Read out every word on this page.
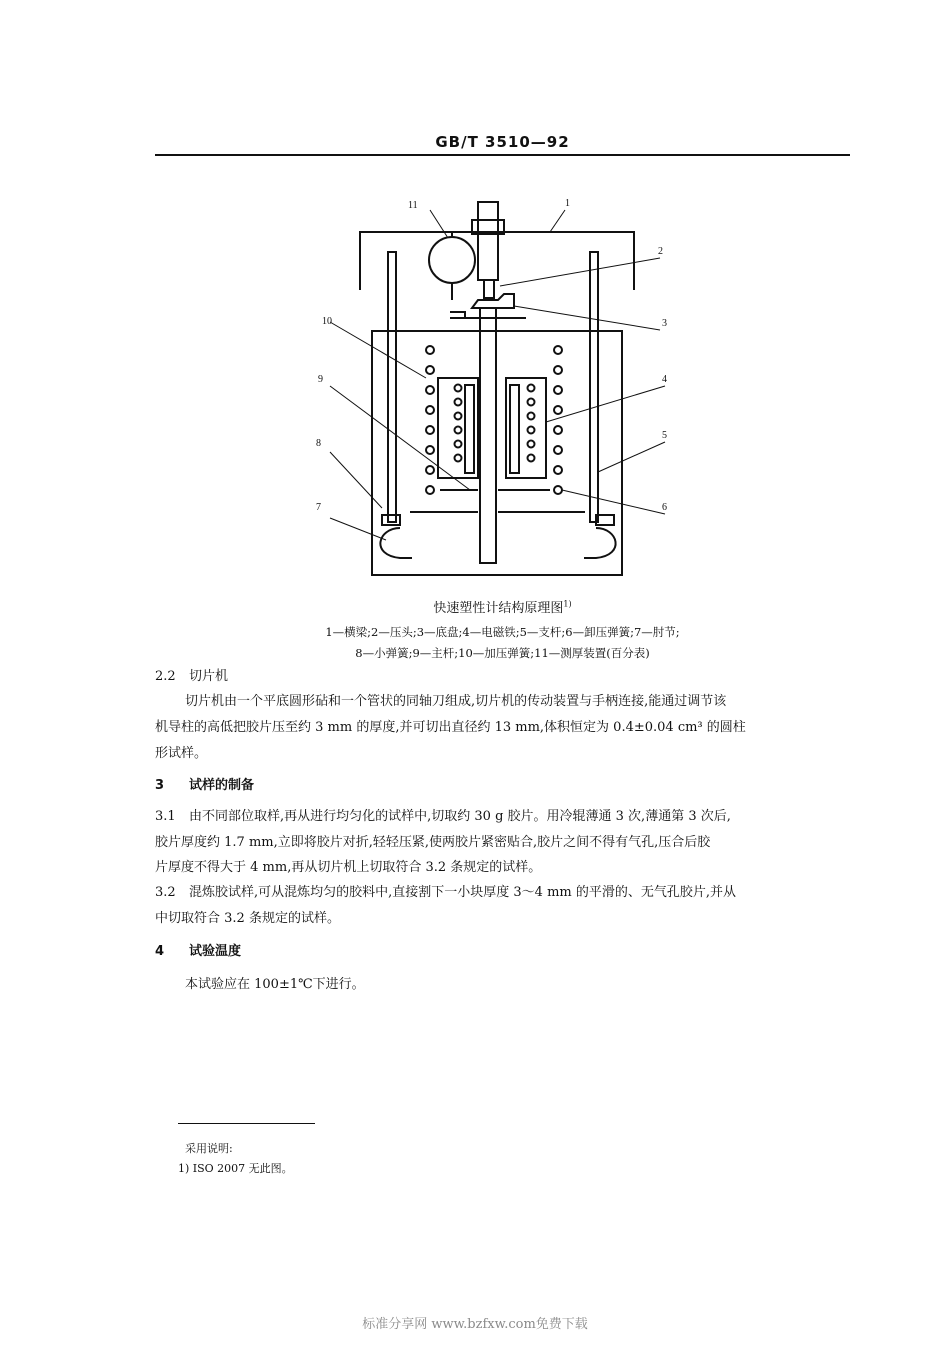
GB/T 3510—92
1
2
3
4
5
6
7
8
9
10
11
快速塑性计结构原理图$^{1)}$
1—横梁;2—压头;3—底盘;4—电磁铁;5—支杆;6—卸压弹簧;7—肘节;
8—小弹簧;9—主杆;10—加压弹簧;11—测厚装置(百分表)
2.2 切片机
切片机由一个平底圆形砧和一个管状的同轴刀组成,切片机的传动装置与手柄连接,能通过调节该
机导柱的高低把胶片压至约 3 mm 的厚度,并可切出直径约 13 mm,体积恒定为 0.4±0.04 cm³ 的圆柱
形试样。
3 试样的制备
3.1 由不同部位取样,再从进行均匀化的试样中,切取约 30 g 胶片。用冷辊薄通 3 次,薄通第 3 次后,
胶片厚度约 1.7 mm,立即将胶片对折,轻轻压紧,使两胶片紧密贴合,胶片之间不得有气孔,压合后胶
片厚度不得大于 4 mm,再从切片机上切取符合 3.2 条规定的试样。
3.2 混炼胶试样,可从混炼均匀的胶料中,直接割下一小块厚度 3～4 mm 的平滑的、无气孔胶片,并从
中切取符合 3.2 条规定的试样。
4 试验温度
本试验应在 100±1℃下进行。
采用说明:
1) ISO 2007 无此图。
标准分享网 www.bzfxw.com免费下载
